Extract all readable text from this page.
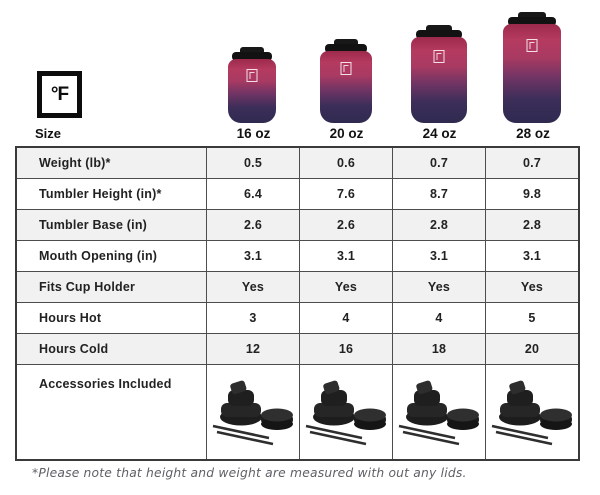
°F
Size	16 oz	20 oz	24 oz	28 oz
Weight (lb)*	0.5	0.6	0.7	0.7
Tumbler Height (in)*	6.4	7.6	8.7	9.8
Tumbler Base (in)	2.6	2.6	2.8	2.8
Mouth Opening (in)	3.1	3.1	3.1	3.1
Fits Cup Holder	Yes	Yes	Yes	Yes
Hours Hot	3	4	4	5
Hours Cold	12	16	18	20
Accessories Included
*Please note that height and weight are measured with out any lids.
